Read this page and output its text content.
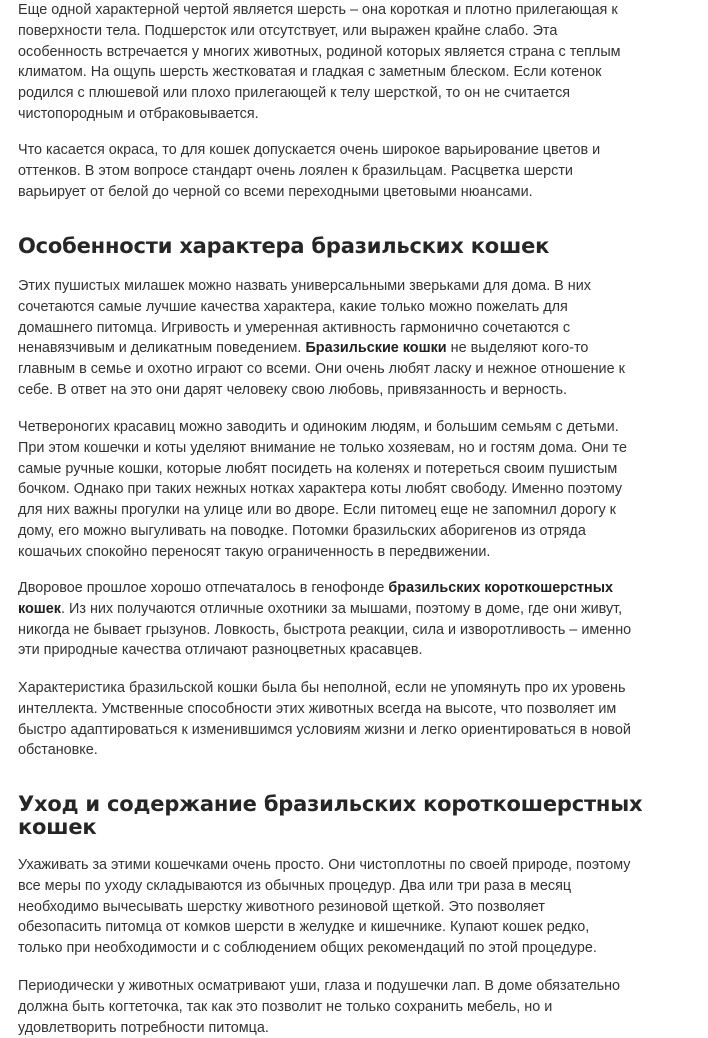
Еще одной характерной чертой является шерсть – она короткая и плотно прилегающая к
поверхности тела. Подшерсток или отсутствует, или выражен крайне слабо. Эта
особенность встречается у многих животных, родиной которых является страна с теплым
климатом. На ощупь шерсть жестковатая и гладкая с заметным блеском. Если котенок
родился с плюшевой или плохо прилегающей к телу шерсткой, то он не считается
чистопородным и отбраковывается.

Что касается окраса, то для кошек допускается очень широкое варьирование цветов и
оттенков. В этом вопросе стандарт очень лоялен к бразильцам. Расцветка шерсти
варьирует от белой до черной со всеми переходными цветовыми нюансами.

Особенности характера бразильских кошек

Этих пушистых милашек можно назвать универсальными зверьками для дома. В них
сочетаются самые лучшие качества характера, какие только можно пожелать для
домашнего питомца. Игривость и умеренная активность гармонично сочетаются с
ненавязчивым и деликатным поведением. Бразильские кошки не выделяют кого-то
главным в семье и охотно играют со всеми. Они очень любят ласку и нежное отношение к
себе. В ответ на это они дарят человеку свою любовь, привязанность и верность.

Четвероногих красавиц можно заводить и одиноким людям, и большим семьям с детьми.
При этом кошечки и коты уделяют внимание не только хозяевам, но и гостям дома. Они те
самые ручные кошки, которые любят посидеть на коленях и потереться своим пушистым
бочком. Однако при таких нежных нотках характера коты любят свободу. Именно поэтому
для них важны прогулки на улице или во дворе. Если питомец еще не запомнил дорогу к
дому, его можно выгуливать на поводке. Потомки бразильских аборигенов из отряда
кошачьих спокойно переносят такую ограниченность в передвижении.

Дворовое прошлое хорошо отпечаталось в генофонде бразильских короткошерстных
кошек. Из них получаются отличные охотники за мышами, поэтому в доме, где они живут,
никогда не бывает грызунов. Ловкость, быстрота реакции, сила и изворотливость – именно
эти природные качества отличают разноцветных красавцев.

Характеристика бразильской кошки была бы неполной, если не упомянуть про их уровень
интеллекта. Умственные способности этих животных всегда на высоте, что позволяет им
быстро адаптироваться к изменившимся условиям жизни и легко ориентироваться в новой
обстановке.

Уход и содержание бразильских короткошерстных
кошек

Ухаживать за этими кошечками очень просто. Они чистоплотны по своей природе, поэтому
все меры по уходу складываются из обычных процедур. Два или три раза в месяц
необходимо вычесывать шерстку животного резиновой щеткой. Это позволяет
обезопасить питомца от комков шерсти в желудке и кишечнике. Купают кошек редко,
только при необходимости и с соблюдением общих рекомендаций по этой процедуре.

Периодически у животных осматривают уши, глаза и подушечки лап. В доме обязательно
должна быть когтеточка, так как это позволит не только сохранить мебель, но и
удовлетворить потребности питомца.
